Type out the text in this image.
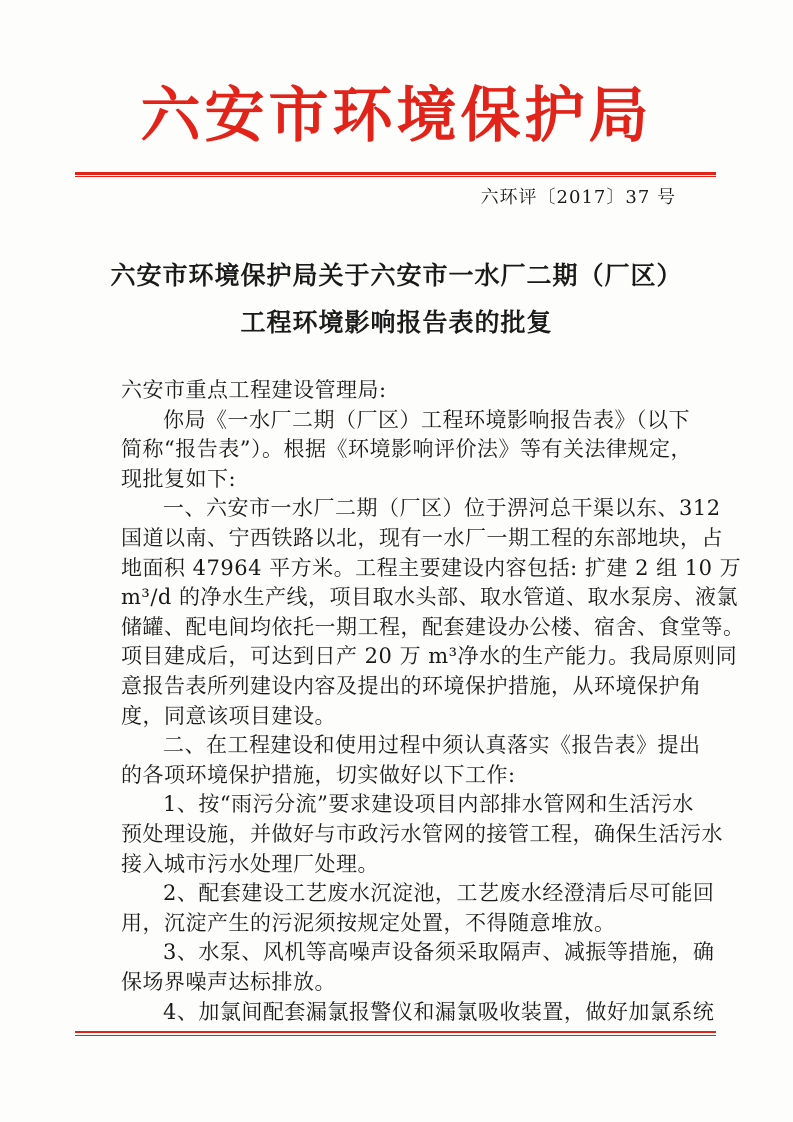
六安市环境保护局
六环评〔2017〕37 号
六安市环境保护局关于六安市一水厂二期（厂区）
工程环境影响报告表的批复
六安市重点工程建设管理局:
你局《一水厂二期（厂区）工程环境影响报告表》（以下
简称“报告表”）。根据《环境影响评价法》等有关法律规定，
现批复如下:
一、六安市一水厂二期（厂区）位于淠河总干渠以东、312
国道以南、宁西铁路以北，现有一水厂一期工程的东部地块，占
地面积 47964 平方米。工程主要建设内容包括: 扩建 2 组 10 万
m³/d 的净水生产线，项目取水头部、取水管道、取水泵房、液氯
储罐、配电间均依托一期工程，配套建设办公楼、宿舍、食堂等。
项目建成后，可达到日产 20 万 m³净水的生产能力。我局原则同
意报告表所列建设内容及提出的环境保护措施，从环境保护角
度，同意该项目建设。
二、在工程建设和使用过程中须认真落实《报告表》提出
的各项环境保护措施，切实做好以下工作:
1、按“雨污分流”要求建设项目内部排水管网和生活污水
预处理设施，并做好与市政污水管网的接管工程，确保生活污水
接入城市污水处理厂处理。
2、配套建设工艺废水沉淀池，工艺废水经澄清后尽可能回
用，沉淀产生的污泥须按规定处置，不得随意堆放。
3、水泵、风机等高噪声设备须采取隔声、减振等措施，确
保场界噪声达标排放。
4、加氯间配套漏氯报警仪和漏氯吸收装置，做好加氯系统
